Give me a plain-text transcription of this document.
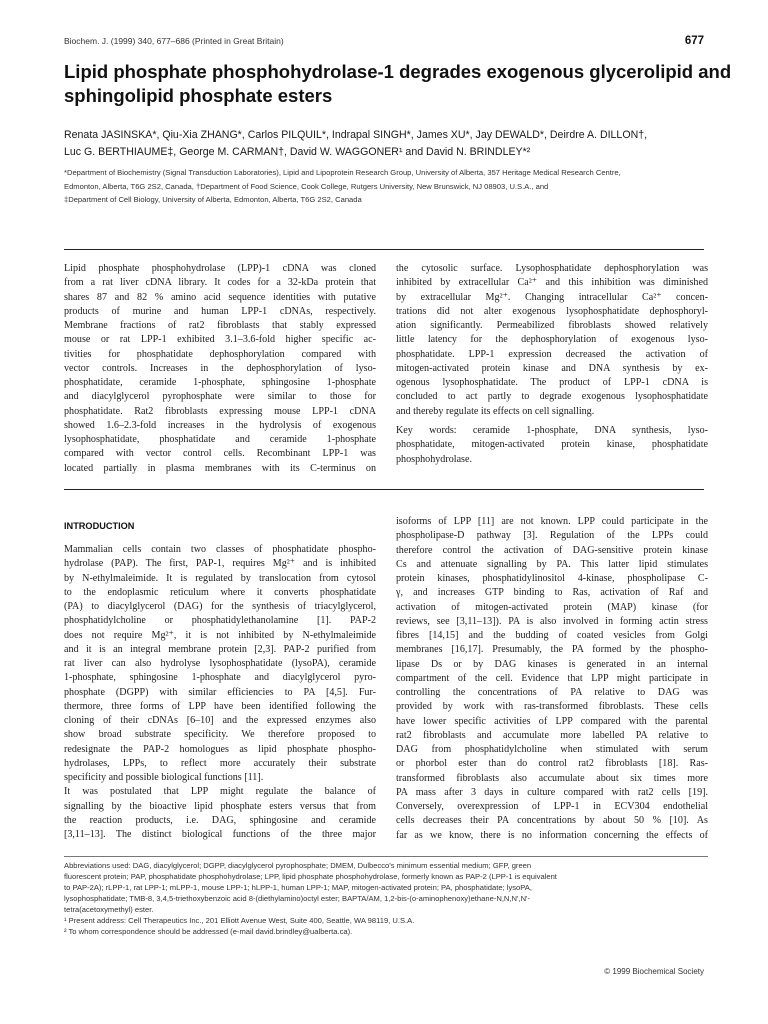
Biochem. J. (1999) 340, 677–686 (Printed in Great Britain)	677
Lipid phosphate phosphohydrolase-1 degrades exogenous glycerolipid and
sphingolipid phosphate esters
Renata JASINSKA*, Qiu-Xia ZHANG*, Carlos PILQUIL*, Indrapal SINGH*, James XU*, Jay DEWALD*, Deirdre A. DILLON†,
Luc G. BERTHIAUME‡, George M. CARMAN†, David W. WAGGONER¹ and David N. BRINDLEY*²
*Department of Biochemistry (Signal Transduction Laboratories), Lipid and Lipoprotein Research Group, University of Alberta, 357 Heritage Medical Research Centre,
Edmonton, Alberta, T6G 2S2, Canada, †Department of Food Science, Cook College, Rutgers University, New Brunswick, NJ 08903, U.S.A., and
‡Department of Cell Biology, University of Alberta, Edmonton, Alberta, T6G 2S2, Canada
Lipid phosphate phosphohydrolase (LPP)-1 cDNA was cloned
from a rat liver cDNA library. It codes for a 32-kDa protein that
shares 87 and 82 % amino acid sequence identities with putative
products of murine and human LPP-1 cDNAs, respectively.
Membrane fractions of rat2 fibroblasts that stably expressed
mouse or rat LPP-1 exhibited 3.1–3.6-fold higher specific ac-
tivities for phosphatidate dephosphorylation compared with
vector controls. Increases in the dephosphorylation of lyso-
phosphatidate, ceramide 1-phosphate, sphingosine 1-phosphate
and diacylglycerol pyrophosphate were similar to those for
phosphatidate. Rat2 fibroblasts expressing mouse LPP-1 cDNA
showed 1.6–2.3-fold increases in the hydrolysis of exogenous
lysophosphatidate, phosphatidate and ceramide 1-phosphate
compared with vector control cells. Recombinant LPP-1 was
located partially in plasma membranes with its C-terminus on
the cytosolic surface. Lysophosphatidate dephosphorylation was
inhibited by extracellular Ca²⁺ and this inhibition was diminished
by extracellular Mg²⁺. Changing intracellular Ca²⁺ concen-
trations did not alter exogenous lysophosphatidate dephosphoryl-
ation significantly. Permeabilized fibroblasts showed relatively
little latency for the dephosphorylation of exogenous lyso-
phosphatidate. LPP-1 expression decreased the activation of
mitogen-activated protein kinase and DNA synthesis by ex-
ogenous lysophosphatidate. The product of LPP-1 cDNA is
concluded to act partly to degrade exogenous lysophosphatidate
and thereby regulate its effects on cell signalling.
Key words: ceramide 1-phosphate, DNA synthesis, lyso-
phosphatidate, mitogen-activated protein kinase, phosphatidate
phosphohydrolase.
INTRODUCTION
Mammalian cells contain two classes of phosphatidate phospho-
hydrolase (PAP). The first, PAP-1, requires Mg²⁺ and is inhibited
by N-ethylmaleimide. It is regulated by translocation from cytosol
to the endoplasmic reticulum where it converts phosphatidate
(PA) to diacylglycerol (DAG) for the synthesis of triacylglycerol,
phosphatidylcholine or phosphatidylethanolamine [1]. PAP-2
does not require Mg²⁺, it is not inhibited by N-ethylmaleimide
and it is an integral membrane protein [2,3]. PAP-2 purified from
rat liver can also hydrolyse lysophosphatidate (lysoPA), ceramide
1-phosphate, sphingosine 1-phosphate and diacylglycerol pyro-
phosphate (DGPP) with similar efficiencies to PA [4,5]. Fur-
thermore, three forms of LPP have been identified following the
cloning of their cDNAs [6–10] and the expressed enzymes also
show broad substrate specificity. We therefore proposed to
redesignate the PAP-2 homologues as lipid phosphate phospho-
hydrolases, LPPs, to reflect more accurately their substrate
specificity and possible biological functions [11].
It was postulated that LPP might regulate the balance of
signalling by the bioactive lipid phosphate esters versus that from
the reaction products, i.e. DAG, sphingosine and ceramide
[3,11–13]. The distinct biological functions of the three major
isoforms of LPP [11] are not known. LPP could participate in the
phospholipase-D pathway [3]. Regulation of the LPPs could
therefore control the activation of DAG-sensitive protein kinase
Cs and attenuate signalling by PA. This latter lipid stimulates
protein kinases, phosphatidylinositol 4-kinase, phospholipase C-
γ, and increases GTP binding to Ras, activation of Raf and
activation of mitogen-activated protein (MAP) kinase (for
reviews, see [3,11–13]). PA is also involved in forming actin stress
fibres [14,15] and the budding of coated vesicles from Golgi
membranes [16,17]. Presumably, the PA formed by the phospho-
lipase Ds or by DAG kinases is generated in an internal
compartment of the cell. Evidence that LPP might participate in
controlling the concentrations of PA relative to DAG was
provided by work with ras-transformed fibroblasts. These cells
have lower specific activities of LPP compared with the parental
rat2 fibroblasts and accumulate more labelled PA relative to
DAG from phosphatidylcholine when stimulated with serum
or phorbol ester than do control rat2 fibroblasts [18]. Ras-
transformed fibroblasts also accumulate about six times more
PA mass after 3 days in culture compared with rat2 cells [19].
Conversely, overexpression of LPP-1 in ECV304 endothelial
cells decreases their PA concentrations by about 50 % [10]. As
far as we know, there is no information concerning the effects of
Abbreviations used: DAG, diacylglycerol; DGPP, diacylglycerol pyrophosphate; DMEM, Dulbecco's minimum essential medium; GFP, green
fluorescent protein; PAP, phosphatidate phosphohydrolase; LPP, lipid phosphate phosphohydrolase, formerly known as PAP-2 (LPP-1 is equivalent
to PAP-2A); rLPP-1, rat LPP-1; mLPP-1, mouse LPP-1; hLPP-1, human LPP-1; MAP, mitogen-activated protein; PA, phosphatidate; lysoPA,
lysophosphatidate; TMB-8, 3,4,5-triethoxybenzoic acid 8-(diethylamino)octyl ester; BAPTA/AM, 1,2-bis-(o-aminophenoxy)ethane-N,N,N',N'-
tetra(acetoxymethyl) ester.
¹ Present address: Cell Therapeutics Inc., 201 Elliott Avenue West, Suite 400, Seattle, WA 98119, U.S.A.
² To whom correspondence should be addressed (e-mail david.brindley@ualberta.ca).
© 1999 Biochemical Society
